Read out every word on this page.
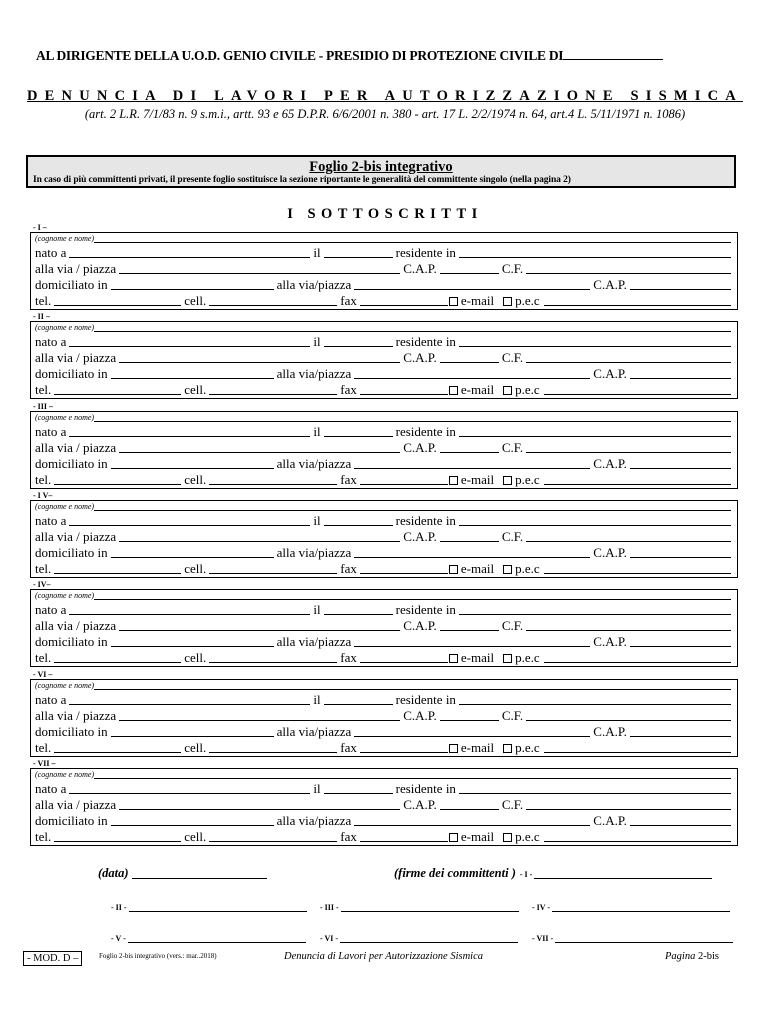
AL DIRIGENTE DELLA U.O.D. GENIO CIVILE - PRESIDIO DI PROTEZIONE CIVILE DI
DENUNCIA DI LAVORI PER AUTORIZZAZIONE SISMICA
(art. 2 L.R. 7/1/83 n. 9 s.m.i., artt. 93 e 65 D.P.R. 6/6/2001 n. 380 - art. 17 L. 2/2/1974 n. 64, art.4 L. 5/11/1971 n. 1086)
Foglio 2-bis integrativo
In caso di più committenti privati, il presente foglio sostituisce la sezione riportante le generalità del committente singolo (nella pagina 2)
I SOTTOSCRITTI
- I –
(cognome e nome)
nato a	il	residente in
alla via / piazza	C.A.P.	C.F.
domiciliato in	alla via/piazza	C.A.P.
tel.	cell.	fax	e-mail p.e.c
- II –
(cognome e nome)
nato a	il	residente in
alla via / piazza	C.A.P.	C.F.
domiciliato in	alla via/piazza	C.A.P.
tel.	cell.	fax	e-mail p.e.c
- III –
(cognome e nome)
nato a	il	residente in
alla via / piazza	C.A.P.	C.F.
domiciliato in	alla via/piazza	C.A.P.
tel.	cell.	fax	e-mail p.e.c
- I V–
(cognome e nome)
nato a	il	residente in
alla via / piazza	C.A.P.	C.F.
domiciliato in	alla via/piazza	C.A.P.
tel.	cell.	fax	e-mail p.e.c
- IV–
(cognome e nome)
nato a	il	residente in
alla via / piazza	C.A.P.	C.F.
domiciliato in	alla via/piazza	C.A.P.
tel.	cell.	fax	e-mail p.e.c
- VI –
(cognome e nome)
nato a	il	residente in
alla via / piazza	C.A.P.	C.F.
domiciliato in	alla via/piazza	C.A.P.
tel.	cell.	fax	e-mail p.e.c
- VII –
(cognome e nome)
nato a	il	residente in
alla via / piazza	C.A.P.	C.F.
domiciliato in	alla via/piazza	C.A.P.
tel.	cell.	fax	e-mail p.e.c
(data)	(firme dei committenti ) - I -
- II -	- III -	- IV -
- V -	- VI -	- VII -
- MOD. D –	Foglio 2-bis integrativo (vers.: mar..2018)	Denuncia di Lavori per Autorizzazione Sismica	Pagina 2-bis
